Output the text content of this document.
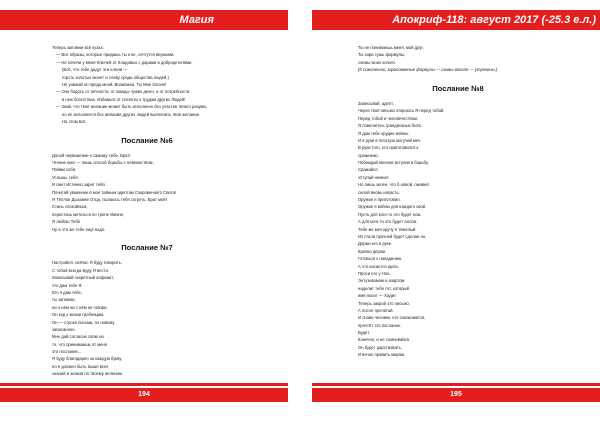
Магия
Теперь запомни всё кузах:
— Все образы, которые придашь ты к не, сочтутся верными.
— Не клянчи у меня Ключей от Кладовых с дарами и добродетелями.
(Всё, что тебе дадут эти ключи —
горсть золотых монет и славу среди общества людей.)
Не унижай оп преда мной. Возможно, Ты Мне богаче!
— Оно бодось от алчности, от жажды чужих денег, и от потребности
в неж богатствах. Избавься от слепоты к трудам других Людей!
— Знай, что твоё желание может быть исполнено без участия твоего разума,
но не исполнится без желания других людей выполнить твоё желание.
На этом всё.
Послание №6
Долой неуважение к самому себе, Брат!
Чтение книг — лишь способ борьбы с невежеством.
Пойми себя.
Услышь себя.
И смет Истинно зарит тебя.
Почитай уважение в мое тайным адептам Сокровенного Света!
Я Тёплое Дыхание Отца, пылаюсь тебя согреть, Брат мой!
Стань спокойным,
перестань метаться по тропе Жизни,
Я люблю Тебя
Ну а что же тебе ещё надо.
Послание №7
Настройся, сейчас Я буду говорить.
С тобой всегда Буду Я вести.
Записывай секретный алфавит,
что дам тебе Я.
Его я дам тебе,
ты запомни,
ни о нём ни с нём не говори.
Он код к жизни гробницам.
Он — строка письма, по новому
записанное.
Мне дай согласие свою на
то, что принимаешь от меня
это послание...
Я буду благодарен за каждую букву,
но я должен быть выше всех
знаний и знаков по твоему велению.
194
Апокриф-118: август 2017 (-25.3 е.л.)
Ты не понимаешь меня, мой друг.
Ты зари сушь формулы,
схемы моих коллег.
(К сожалению, зарисованные формулы — схемы вопиле — утрачены.)
Послание №8
Записывай, адепт.
Через твоё письмо откроюсь Я перед тобой.
Перед тобой и человечеством.
Я повелитель грандиозных битв.
Я дам тебе орудие войны.
И я руки в плоскую могучий меч.
В руки того, кто приготовился к
сражению.
Побеждай меннов вступив в борьбу.
Сражайся.
Уступай немнет.
Но лишь зелен, что б новой, оживей
силой вновь напасть.
Оружие я приготовил.
Оружие я войны для каждого свой.
Пусть для кого-то это будет нож.
А для кого-то это будет алопа.
Тебе же меч кручу я тяжёлый.
Из стали прочней будет сделан он.
Держи его в руке.
Крепко держи.
Готовься к нападению.
А что касается щита.
Проси его у Ноо.
Энтузиазмом и азартом
наделит тебя тот, который
имя носит — Хадит.
Теперь закрой это письмо.
А после прочитай.
И снова человек, кто ознакомится,
прочтёт это послание.
Будет.
Конечно, и не сомневайся.
Он будет царствовать.
И вечно править миром.
195
